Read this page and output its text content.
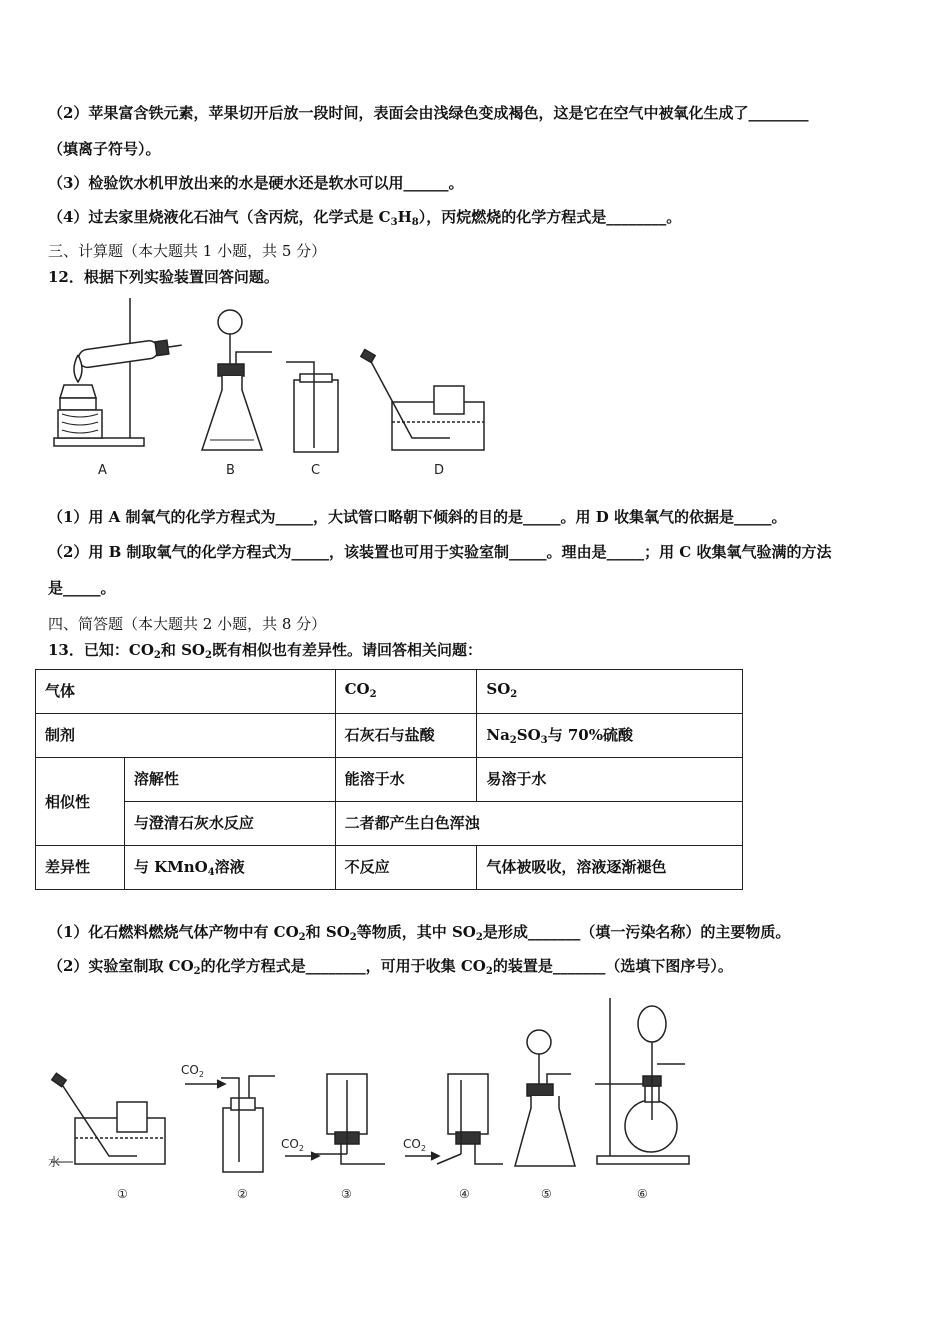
（2）苹果富含铁元素，苹果切开后放一段时间，表面会由浅绿色变成褐色，这是它在空气中被氧化生成了________
（填离子符号）。
（3）检验饮水机甲放出来的水是硬水还是软水可以用______。
（4）过去家里烧液化石油气（含丙烷，化学式是 $C_3H_8$），丙烷燃烧的化学方程式是________。
三、计算题（本大题共 1 小题，共 5 分）
12．根据下列实验装置回答问题。
A	B	C	D
（1）用 A 制氧气的化学方程式为_____，大试管口略朝下倾斜的目的是_____。用 D 收集氧气的依据是_____。
（2）用 B 制取氧气的化学方程式为_____，该装置也可用于实验室制_____。理由是_____；用 C 收集氧气验满的方法
是_____。
四、简答题（本大题共 2 小题，共 8 分）
13．已知：$CO_2$和 $SO_2$既有相似也有差异性。请回答相关问题：
气体		$CO_2$	$SO_2$
制剂		石灰石与盐酸	$Na_2SO_3$与 70%硫酸
相似性	溶解性	能溶于水	易溶于水
	与澄清石灰水反应	二者都产生白色浑浊	
差异性	与 KMnO$_4$溶液	不反应	气体被吸收，溶液逐渐褪色
（1）化石燃料燃烧气体产物中有 $CO_2$和 $SO_2$等物质，其中 $SO_2$是形成_______（填一污染名称）的主要物质。
（2）实验室制取 $CO_2$的化学方程式是________，可用于收集 $CO_2$的装置是_______（选填下图序号）。
水
$CO_2$
$CO_2$	$CO_2$
①	②	③	④	⑤	⑥
